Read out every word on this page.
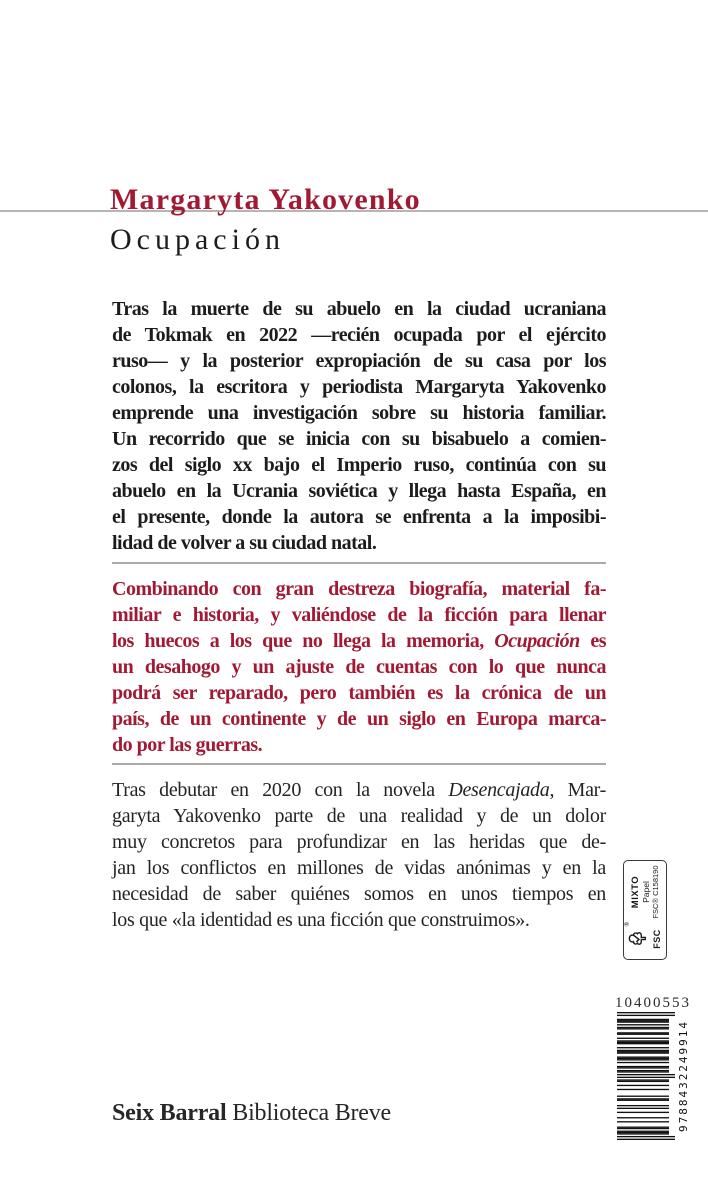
Margaryta Yakovenko
Ocupación
Tras la muerte de su abuelo en la ciudad ucraniana
de Tokmak en 2022 —recién ocupada por el ejército
ruso— y la posterior expropiación de su casa por los
colonos, la escritora y periodista Margaryta Yakovenko
emprende una investigación sobre su historia familiar.
Un recorrido que se inicia con su bisabuelo a comien-
zos del siglo xx bajo el Imperio ruso, continúa con su
abuelo en la Ucrania soviética y llega hasta España, en
el presente, donde la autora se enfrenta a la imposibi-
lidad de volver a su ciudad natal.
Combinando con gran destreza biografía, material fa-
miliar e historia, y valiéndose de la ficción para llenar
los huecos a los que no llega la memoria, Ocupación es
un desahogo y un ajuste de cuentas con lo que nunca
podrá ser reparado, pero también es la crónica de un
país, de un continente y de un siglo en Europa marca-
do por las guerras.
Tras debutar en 2020 con la novela Desencajada, Mar-
garyta Yakovenko parte de una realidad y de un dolor
muy concretos para profundizar en las heridas que de-
jan los conflictos en millones de vidas anónimas y en la
necesidad de saber quiénes somos en unos tiempos en
los que «la identidad es una ficción que construimos».	®
FSC
MIXTO Papel FSC® C158190
10400553
9788432249914
Seix Barral Biblioteca Breve
